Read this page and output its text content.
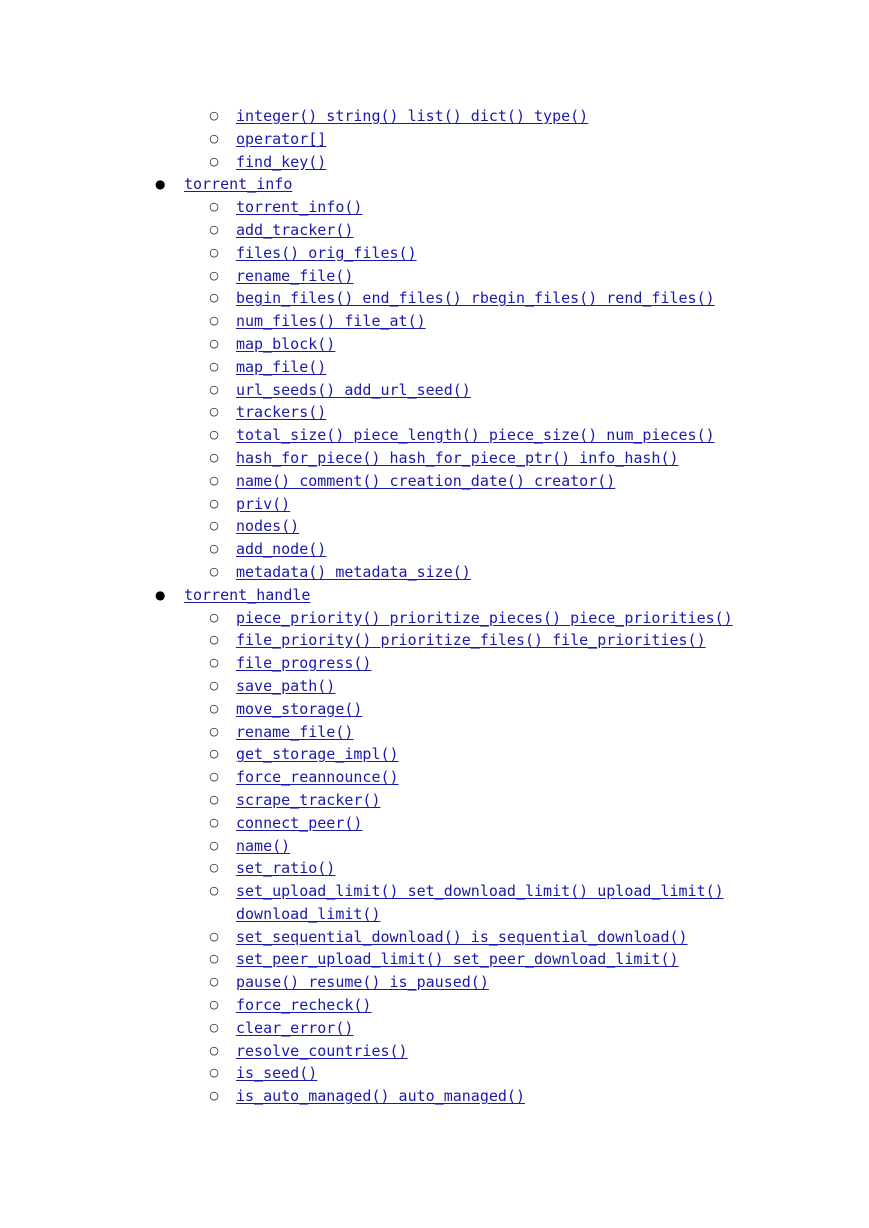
○ integer() string() list() dict() type()
○ operator[]
○ find_key()
● torrent_info
○ torrent_info()
○ add_tracker()
○ files() orig_files()
○ rename_file()
○ begin_files() end_files() rbegin_files() rend_files()
○ num_files() file_at()
○ map_block()
○ map_file()
○ url_seeds() add_url_seed()
○ trackers()
○ total_size() piece_length() piece_size() num_pieces()
○ hash_for_piece() hash_for_piece_ptr() info_hash()
○ name() comment() creation_date() creator()
○ priv()
○ nodes()
○ add_node()
○ metadata() metadata_size()
● torrent_handle
○ piece_priority() prioritize_pieces() piece_priorities()
○ file_priority() prioritize_files() file_priorities()
○ file_progress()
○ save_path()
○ move_storage()
○ rename_file()
○ get_storage_impl()
○ force_reannounce()
○ scrape_tracker()
○ connect_peer()
○ name()
○ set_ratio()
○ set_upload_limit() set_download_limit() upload_limit() download_limit()
○ set_sequential_download() is_sequential_download()
○ set_peer_upload_limit() set_peer_download_limit()
○ pause() resume() is_paused()
○ force_recheck()
○ clear_error()
○ resolve_countries()
○ is_seed()
○ is_auto_managed() auto_managed()
